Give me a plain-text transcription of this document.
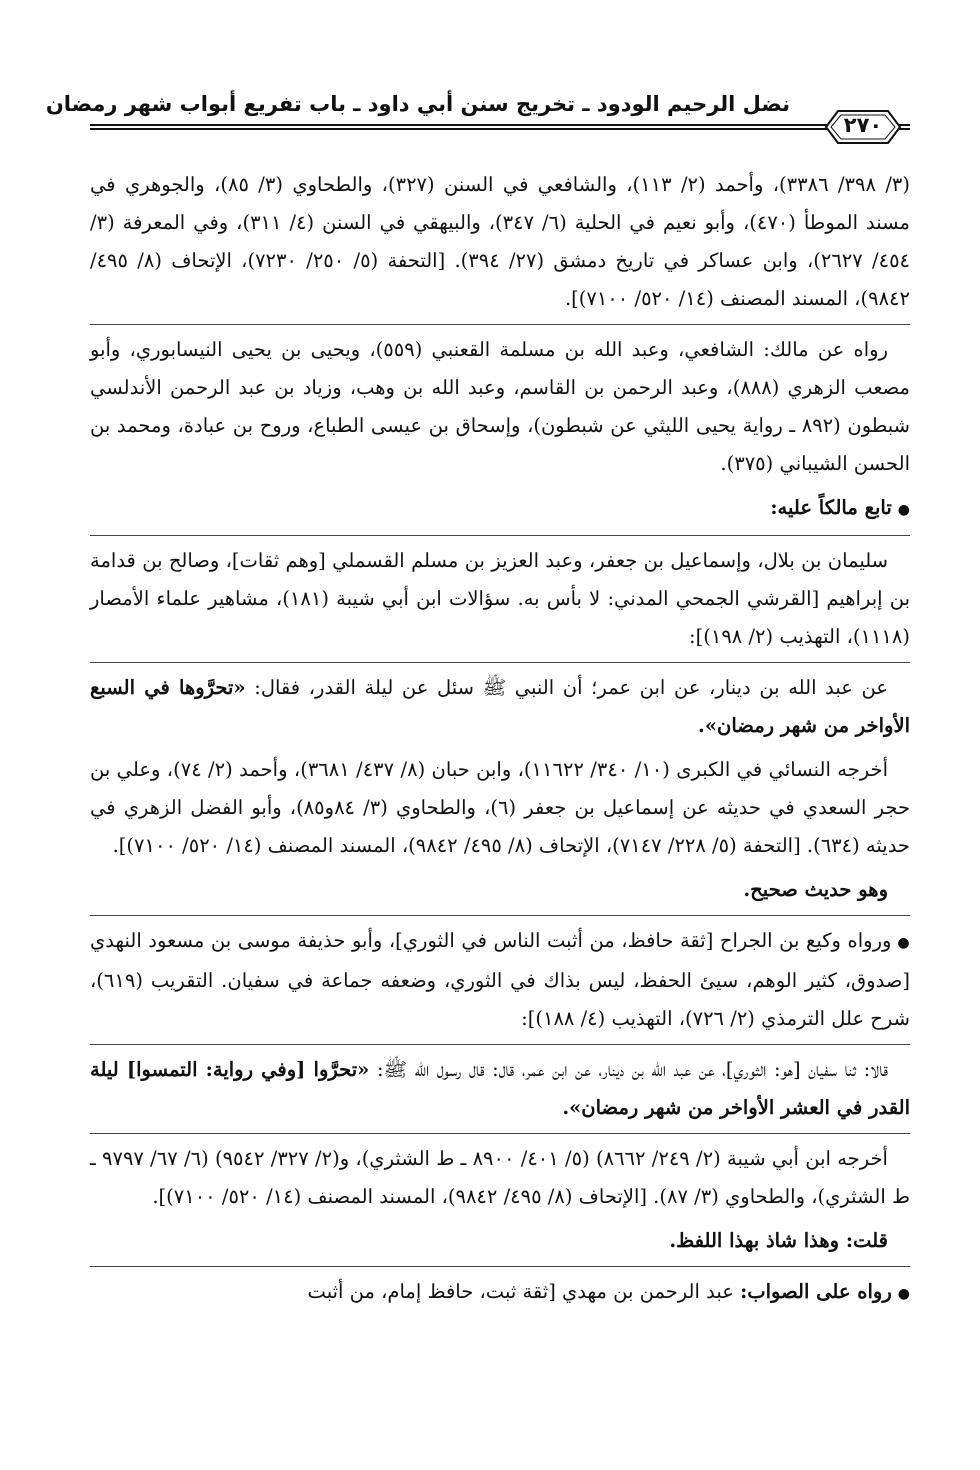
٢٧٠
نضل الرحيم الودود ـ تخريج سنن أبي داود ـ باب تفريع أبواب شهر رمضان

(٣/ ٣٩٨/ ٣٣٨٦)، وأحمد (٢/ ١١٣)، والشافعي في السنن (٣٢٧)، والطحاوي (٣/ ٨٥)، والجوهري في مسند الموطأ (٤٧٠)، وأبو نعيم في الحلية (٦/ ٣٤٧)، والبيهقي في السنن (٤/ ٣١١)، وفي المعرفة (٣/ ٤٥٤/ ٢٦٢٧)، وابن عساكر في تاريخ دمشق (٢٧/ ٣٩٤). [التحفة (٥/ ٢٥٠/ ٧٢٣٠)، الإتحاف (٨/ ٤٩٥/ ٩٨٤٢)، المسند المصنف (١٤/ ٥٢٠/ ٧١٠٠)].

رواه عن مالك: الشافعي، وعبد الله بن مسلمة القعنبي (٥٥٩)، ويحيى بن يحيى النيسابوري، وأبو مصعب الزهري (٨٨٨)، وعبد الرحمن بن القاسم، وعبد الله بن وهب، وزياد بن عبد الرحمن الأندلسي شبطون (٨٩٢ ـ رواية يحيى الليثي عن شبطون)، وإسحاق بن عيسى الطباع، وروح بن عبادة، ومحمد بن الحسن الشيباني (٣٧٥).

●تابع مالكاً عليه:

سليمان بن بلال، وإسماعيل بن جعفر، وعبد العزيز بن مسلم القسملي [وهم ثقات]، وصالح بن قدامة بن إبراهيم [القرشي الجمحي المدني: لا بأس به. سؤالات ابن أبي شيبة (١٨١)، مشاهير علماء الأمصار (١١١٨)، التهذيب (٢/ ١٩٨)]:

عن عبد الله بن دينار، عن ابن عمر؛ أن النبي ﷺ سئل عن ليلة القدر، فقال: «تحرَّوها في السبع الأواخر من شهر رمضان».

أخرجه النسائي في الكبرى (١٠/ ٣٤٠/ ١١٦٢٢)، وابن حبان (٨/ ٤٣٧/ ٣٦٨١)، وأحمد (٢/ ٧٤)، وعلي بن حجر السعدي في حديثه عن إسماعيل بن جعفر (٦)، والطحاوي (٣/ ٨٤و٨٥)، وأبو الفضل الزهري في حديثه (٦٣٤). [التحفة (٥/ ٢٢٨/ ٧١٤٧)، الإتحاف (٨/ ٤٩٥/ ٩٨٤٢)، المسند المصنف (١٤/ ٥٢٠/ ٧١٠٠)].

وهو حديث صحيح.

●ورواه وكيع بن الجراح [ثقة حافظ، من أثبت الناس في الثوري]، وأبو حذيفة موسى بن مسعود النهدي [صدوق، كثير الوهم، سيئ الحفظ، ليس بذاك في الثوري، وضعفه جماعة في سفيان. التقريب (٦١٩)، شرح علل الترمذي (٢/ ٧٢٦)، التهذيب (٤/ ١٨٨)]:

قالا: ثنا سفيان [هو: الثوري]، عن عبد الله بن دينار، عن ابن عمر، قال: قال رسول الله ﷺ: «تحرَّوا [وفي رواية: التمسوا] ليلة القدر في العشر الأواخر من شهر رمضان».

أخرجه ابن أبي شيبة (٢/ ٢٤٩/ ٨٦٦٢) (٥/ ٤٠١/ ٨٩٠٠ ـ ط الشثري)، و(٢/ ٣٢٧/ ٩٥٤٢) (٦/ ٦٧/ ٩٧٩٧ ـ ط الشثري)، والطحاوي (٣/ ٨٧). [الإتحاف (٨/ ٤٩٥/ ٩٨٤٢)، المسند المصنف (١٤/ ٥٢٠/ ٧١٠٠)].

قلت: وهذا شاذ بهذا اللفظ.

●رواه على الصواب: عبد الرحمن بن مهدي [ثقة ثبت، حافظ إمام، من أثبت
